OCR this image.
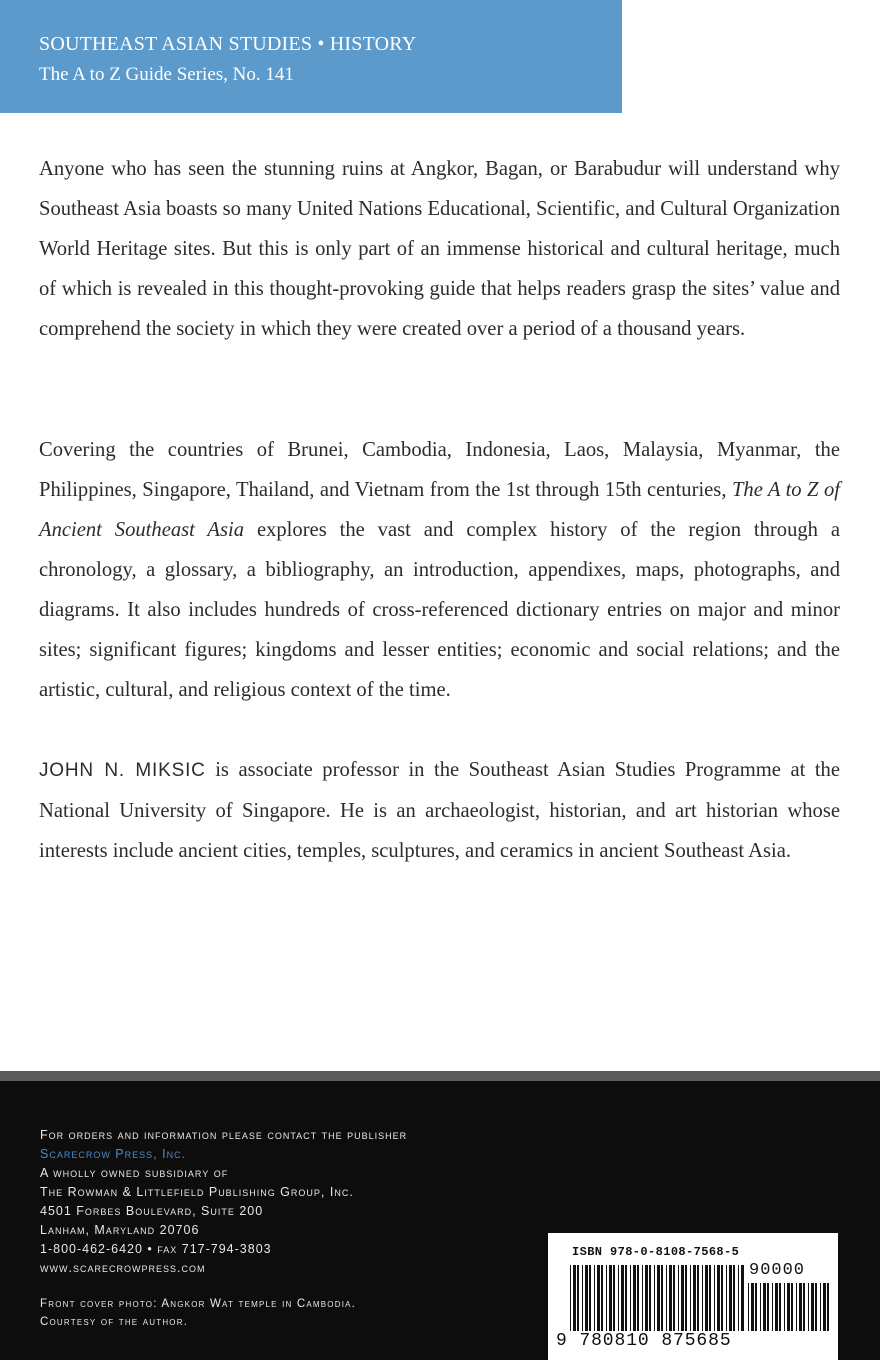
SOUTHEAST ASIAN STUDIES • HISTORY
The A to Z Guide Series, No. 141

Anyone who has seen the stunning ruins at Angkor, Bagan, or Barabudur will understand why Southeast Asia boasts so many United Nations Educational, Scientific, and Cultural Organization World Heritage sites. But this is only part of an immense historical and cultural heritage, much of which is revealed in this thought-provoking guide that helps readers grasp the sites’ value and comprehend the society in which they were created over a period of a thousand years.

Covering the countries of Brunei, Cambodia, Indonesia, Laos, Malaysia, Myanmar, the Philippines, Singapore, Thailand, and Vietnam from the 1st through 15th centuries, The A to Z of Ancient Southeast Asia explores the vast and complex history of the region through a chronology, a glossary, a bibliography, an introduction, appendixes, maps, photographs, and diagrams. It also includes hundreds of cross-referenced dictionary entries on major and minor sites; significant figures; kingdoms and lesser entities; economic and social relations; and the artistic, cultural, and religious context of the time.

JOHN N. MIKSIC is associate professor in the Southeast Asian Studies Programme at the National University of Singapore. He is an archaeologist, historian, and art historian whose interests include ancient cities, temples, sculptures, and ceramics in ancient Southeast Asia.

For orders and information please contact the publisher
Scarecrow Press, Inc.
A wholly owned subsidiary of
The Rowman & Littlefield Publishing Group, Inc.
4501 Forbes Boulevard, Suite 200
Lanham, Maryland 20706
1-800-462-6420 • fax 717-794-3803
www.scarecrowpress.com
Front cover photo: Angkor Wat temple in Cambodia.
Courtesy of the author.
ISBN 978-0-8108-7568-5
90000
9 780810 875685
